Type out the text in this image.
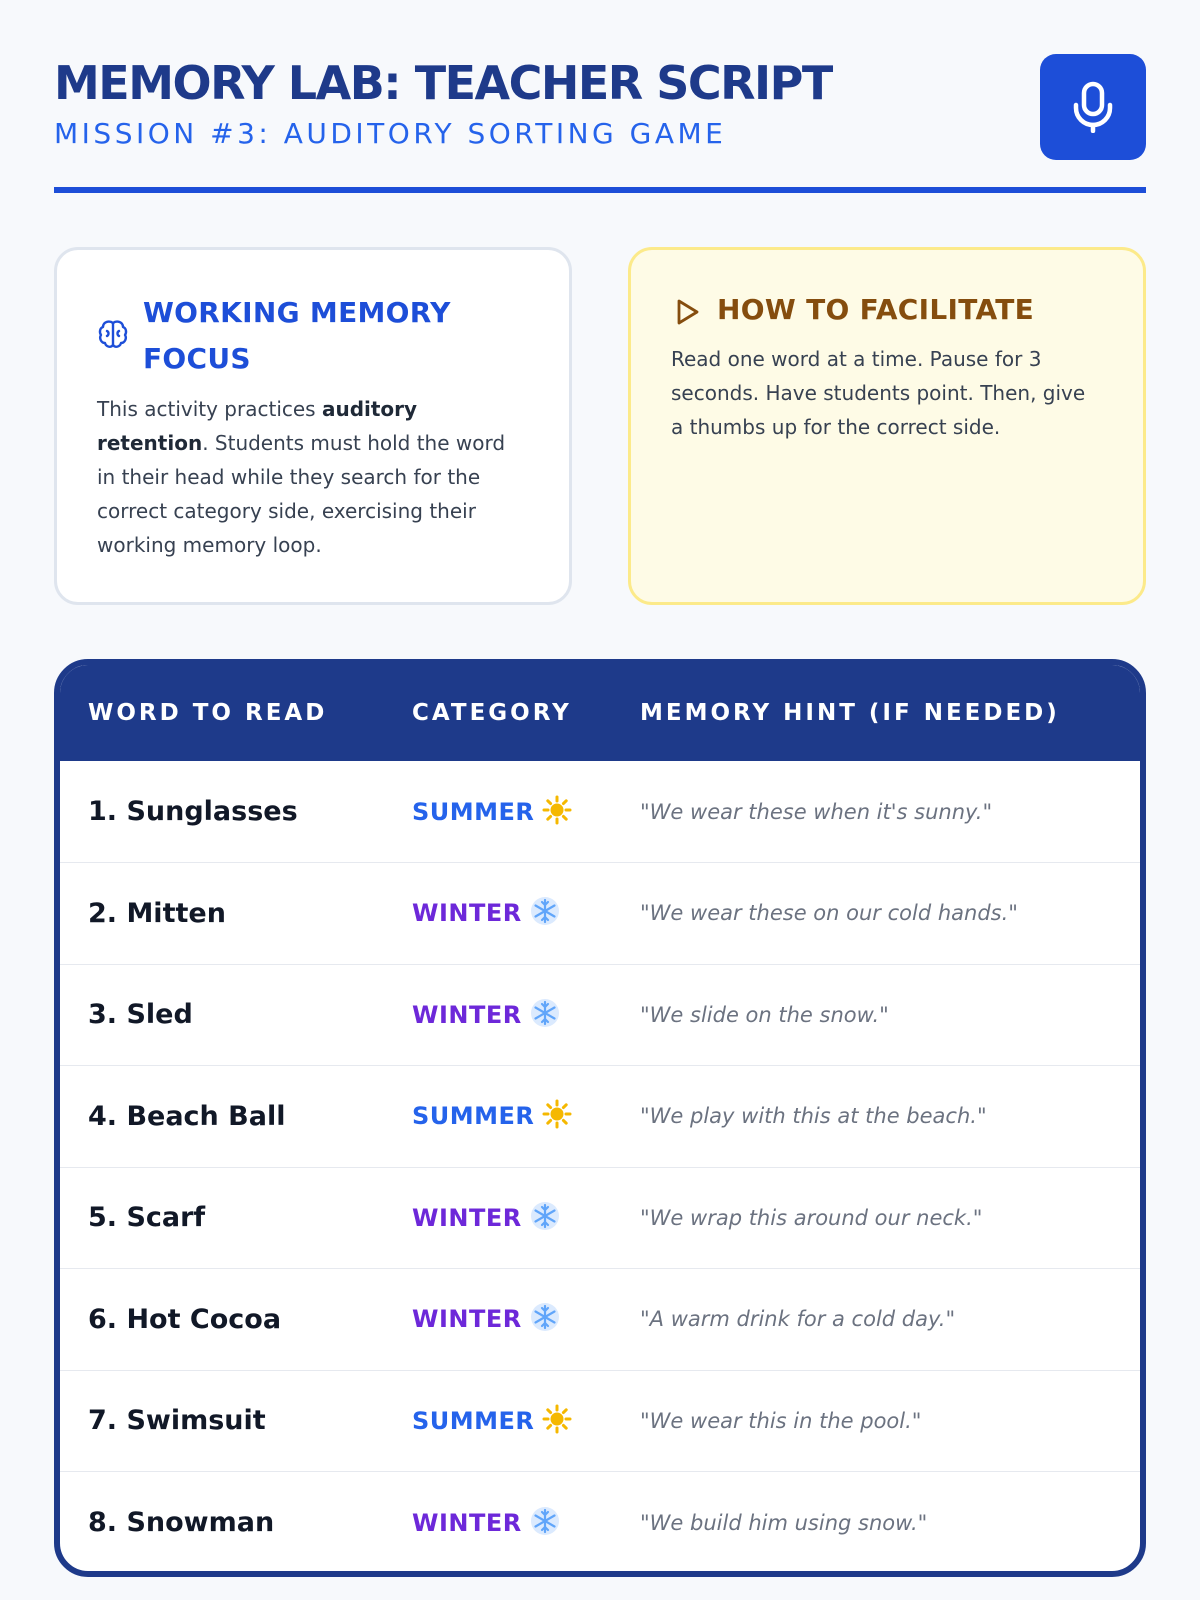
MEMORY LAB: TEACHER SCRIPT
MISSION #3: AUDITORY SORTING GAME
WORKING MEMORY FOCUS

This activity practices auditory retention. Students must hold the word in their head while they search for the correct category side, exercising their working memory loop.

HOW TO FACILITATE

Read one word at a time. Pause for 3 seconds. Have students point. Then, give a thumbs up for the correct side.

WORD TO READ	CATEGORY	MEMORY HINT (IF NEEDED)
1. Sunglasses	SUMMER	"We wear these when it's sunny."
2. Mitten	WINTER	"We wear these on our cold hands."
3. Sled	WINTER	"We slide on the snow."
4. Beach Ball	SUMMER	"We play with this at the beach."
5. Scarf	WINTER	"We wrap this around our neck."
6. Hot Cocoa	WINTER	"A warm drink for a cold day."
7. Swimsuit	SUMMER	"We wear this in the pool."
8. Snowman	WINTER	"We build him using snow."
